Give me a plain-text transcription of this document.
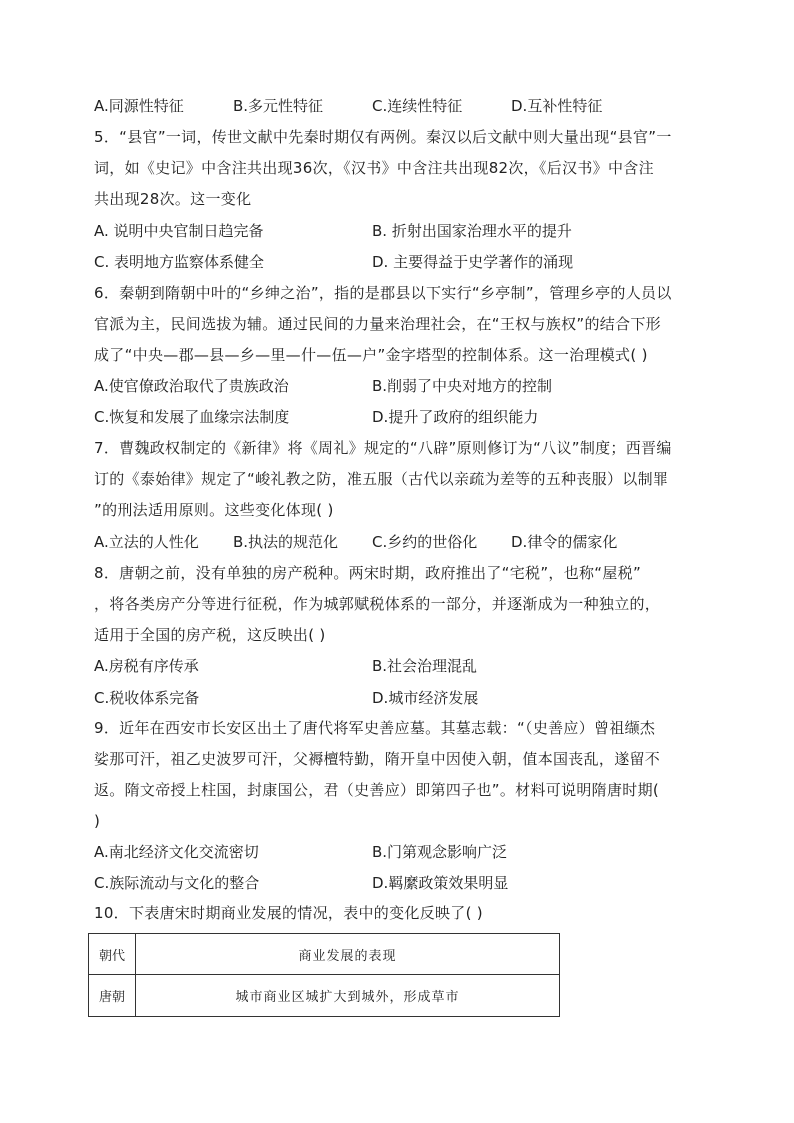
A.同源性特征	B.多元性特征	C.连续性特征	D.互补性特征
5．“县官”一词，传世文献中先秦时期仅有两例。秦汉以后文献中则大量出现“县官”一
词，如《史记》中含注共出现36次，《汉书》中含注共出现82次，《后汉书》中含注
共出现28次。这一变化
A. 说明中央官制日趋完备	B. 折射出国家治理水平的提升
C. 表明地方监察体系健全	D. 主要得益于史学著作的涌现
6．秦朝到隋朝中叶的“乡绅之治”，指的是郡县以下实行“乡亭制”，管理乡亭的人员以
官派为主，民间选拔为辅。通过民间的力量来治理社会，在“王权与族权”的结合下形
成了“中央—郡—县—乡—里—什—伍—户”金字塔型的控制体系。这一治理模式( )
A.使官僚政治取代了贵族政治	B.削弱了中央对地方的控制
C.恢复和发展了血缘宗法制度	D.提升了政府的组织能力
7．曹魏政权制定的《新律》将《周礼》规定的“八辟”原则修订为“八议”制度；西晋编
订的《泰始律》规定了“峻礼教之防，准五服（古代以亲疏为差等的五种丧服）以制罪
”的刑法适用原则。这些变化体现( )
A.立法的人性化 B.执法的规范化 C.乡约的世俗化 D.律令的儒家化
8．唐朝之前，没有单独的房产税种。两宋时期，政府推出了“宅税”，也称“屋税”
，将各类房产分等进行征税，作为城郭赋税体系的一部分，并逐渐成为一种独立的，
适用于全国的房产税，这反映出( )
A.房税有序传承	B.社会治理混乱
C.税收体系完备	D.城市经济发展
9．近年在西安市长安区出土了唐代将军史善应墓。其墓志载：“（史善应）曾祖缬杰
娑那可汗，祖乙史波罗可汗，父褥檀特勤，隋开皇中因使入朝，值本国丧乱，遂留不
返。隋文帝授上柱国，封康国公，君（史善应）即第四子也”。材料可说明隋唐时期(
)
A.南北经济文化交流密切	B.门第观念影响广泛
C.族际流动与文化的整合	D.羁縻政策效果明显
10．下表唐宋时期商业发展的情况，表中的变化反映了( )
朝代	商业发展的表现
唐朝	城市商业区城扩大到城外，形成草市
